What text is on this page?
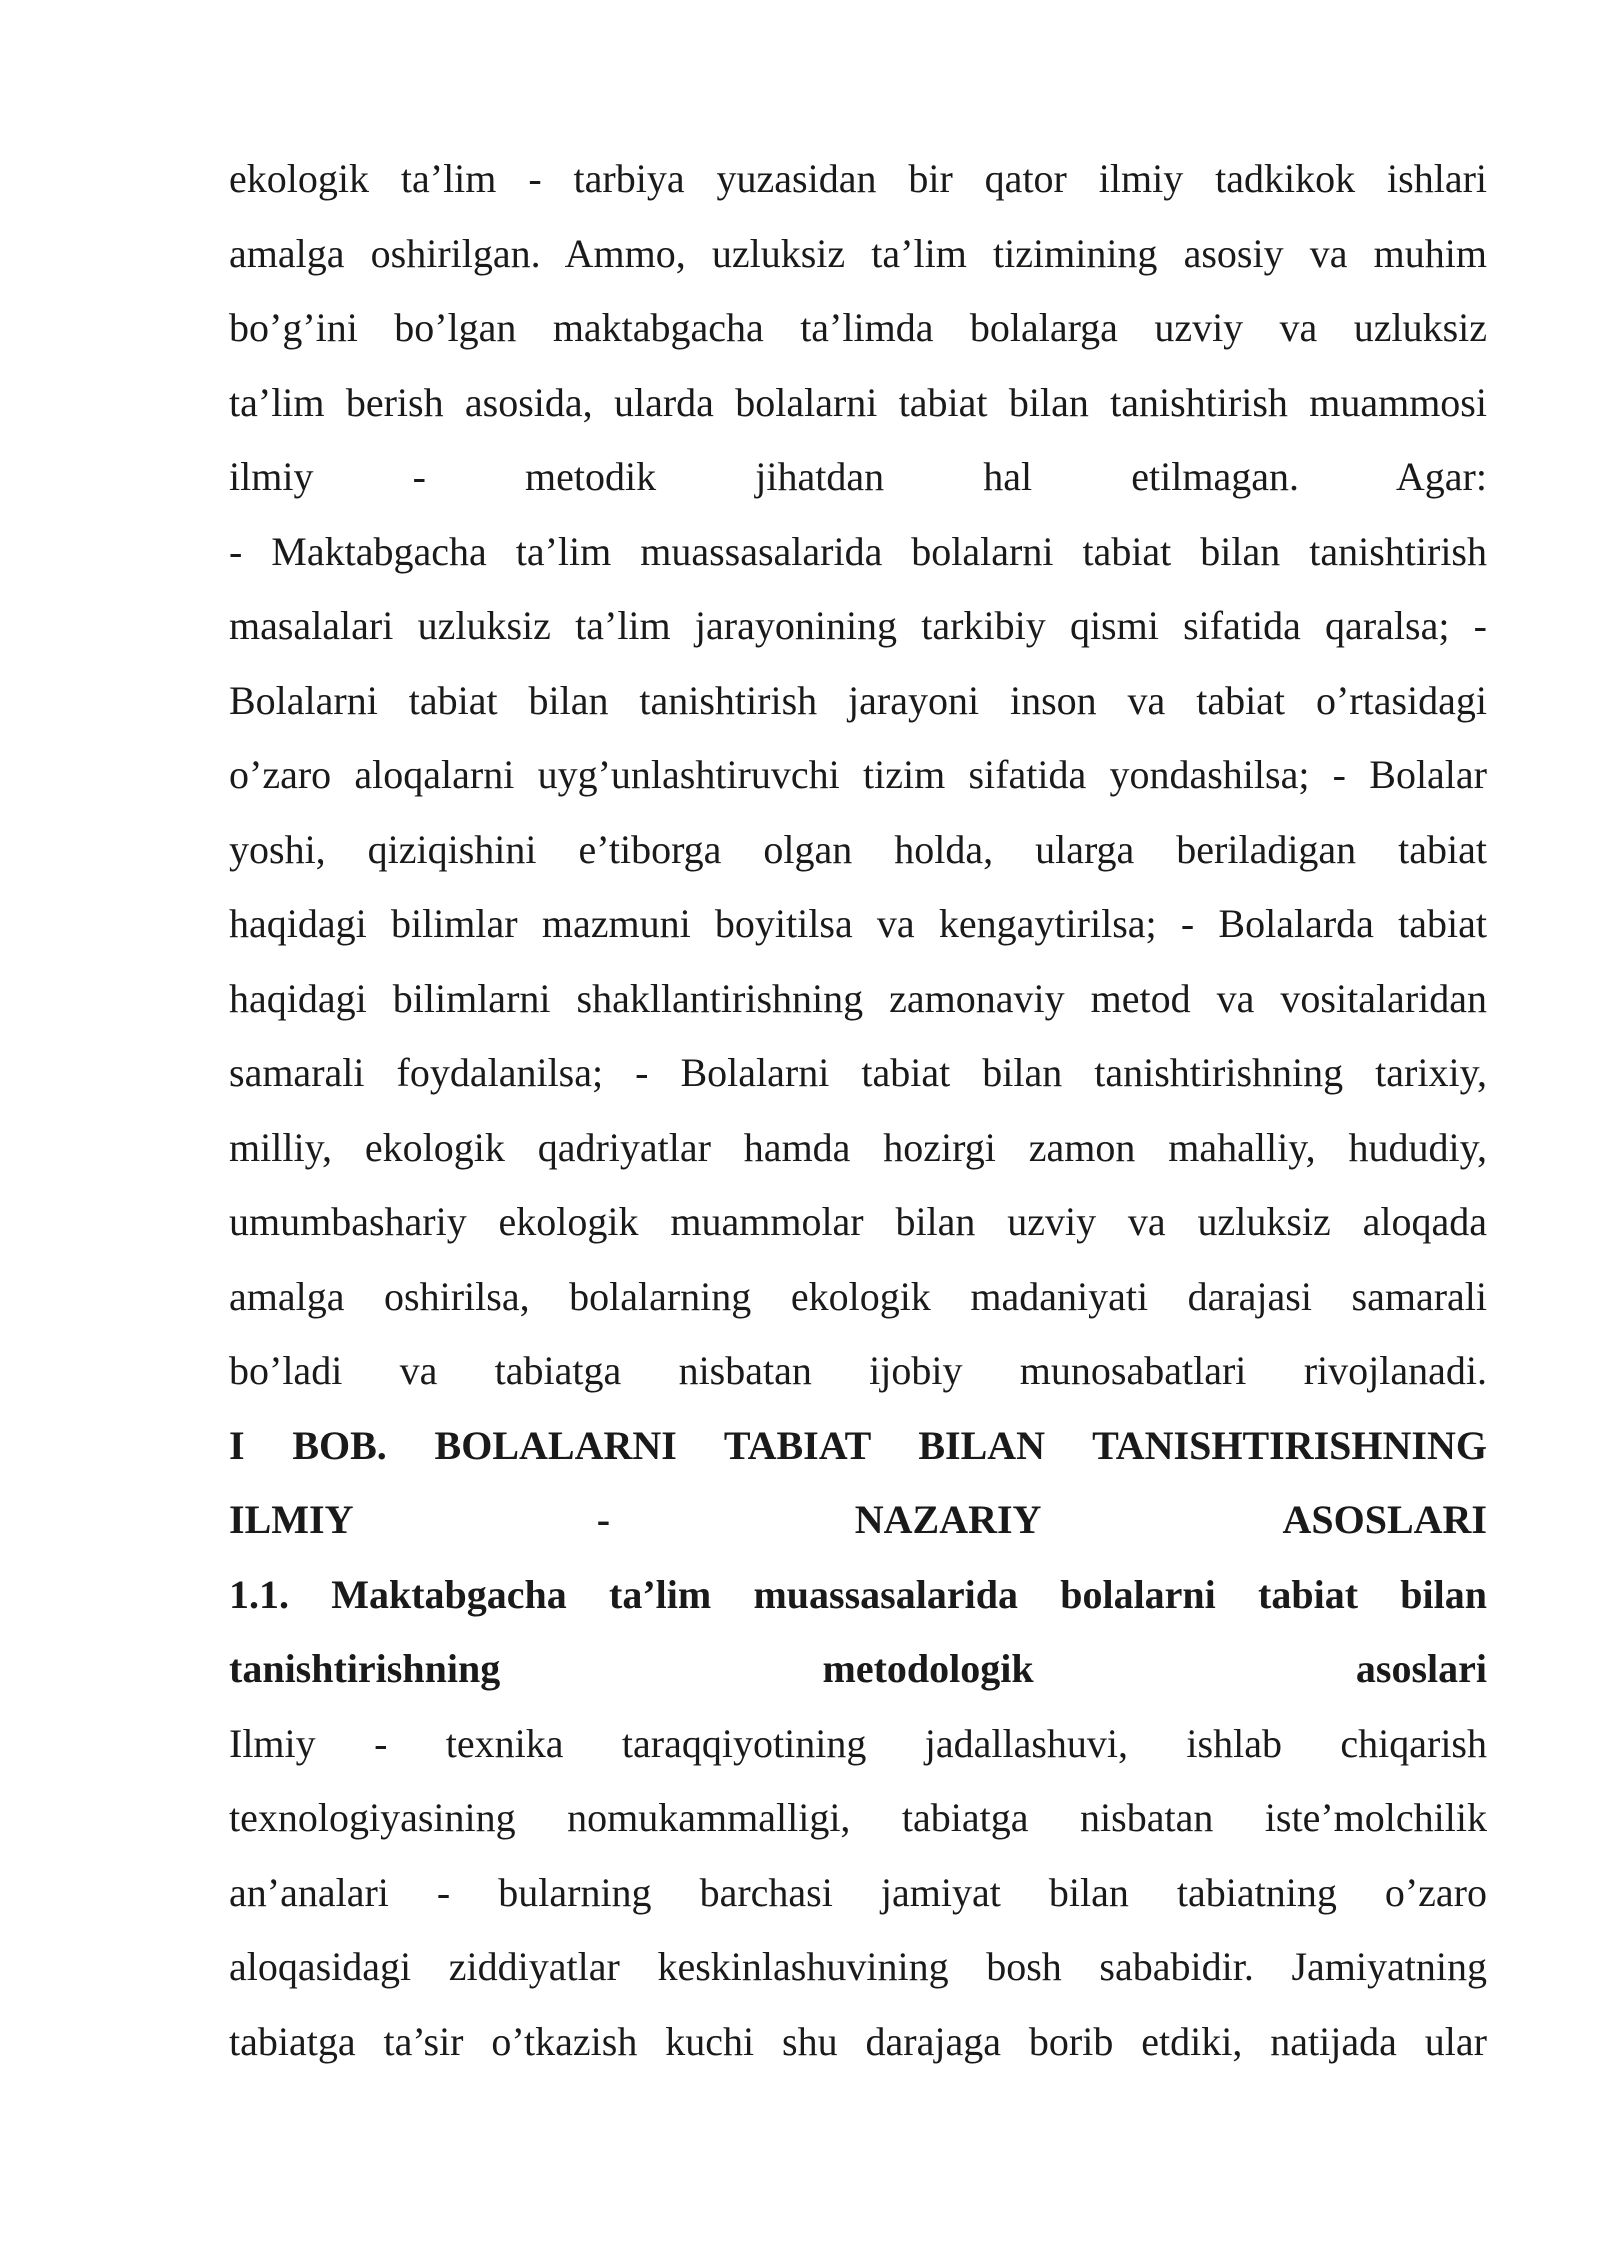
ekologik ta’lim - tarbiya yuzasidan bir qator ilmiy tadkikok ishlari
amalga oshirilgan. Ammo, uzluksiz ta’lim tizimining asosiy va muhim
bo’g’ini bo’lgan maktabgacha ta’limda bolalarga uzviy va uzluksiz
ta’lim berish asosida, ularda bolalarni tabiat bilan tanishtirish muammosi
ilmiy - metodik jihatdan hal etilmagan. Agar:
- Maktabgacha ta’lim muassasalarida bolalarni tabiat bilan tanishtirish
masalalari uzluksiz ta’lim jarayonining tarkibiy qismi sifatida qaralsa; -
Bolalarni tabiat bilan tanishtirish jarayoni inson va tabiat o’rtasidagi
o’zaro aloqalarni uyg’unlashtiruvchi tizim sifatida yondashilsa; - Bolalar
yoshi, qiziqishini e’tiborga olgan holda, ularga beriladigan tabiat
haqidagi bilimlar mazmuni boyitilsa va kengaytirilsa; - Bolalarda tabiat
haqidagi bilimlarni shakllantirishning zamonaviy metod va vositalaridan
samarali foydalanilsa; - Bolalarni tabiat bilan tanishtirishning tarixiy,
milliy, ekologik qadriyatlar hamda hozirgi zamon mahalliy, hududiy,
umumbashariy ekologik muammolar bilan uzviy va uzluksiz aloqada
amalga oshirilsa, bolalarning ekologik madaniyati darajasi samarali
bo’ladi va tabiatga nisbatan ijobiy munosabatlari rivojlanadi.
I BOB. BOLALARNI TABIAT BILAN TANISHTIRISHNING
ILMIY - NAZARIY ASOSLARI
1.1. Maktabgacha ta’lim muassasalarida bolalarni tabiat bilan
tanishtirishning metodologik asoslari
Ilmiy - texnika taraqqiyotining jadallashuvi, ishlab chiqarish
texnologiyasining nomukammalligi, tabiatga nisbatan iste’molchilik
an’analari - bularning barchasi jamiyat bilan tabiatning o’zaro
aloqasidagi ziddiyatlar keskinlashuvining bosh sababidir. Jamiyatning
tabiatga ta’sir o’tkazish kuchi shu darajaga borib etdiki, natijada ular
